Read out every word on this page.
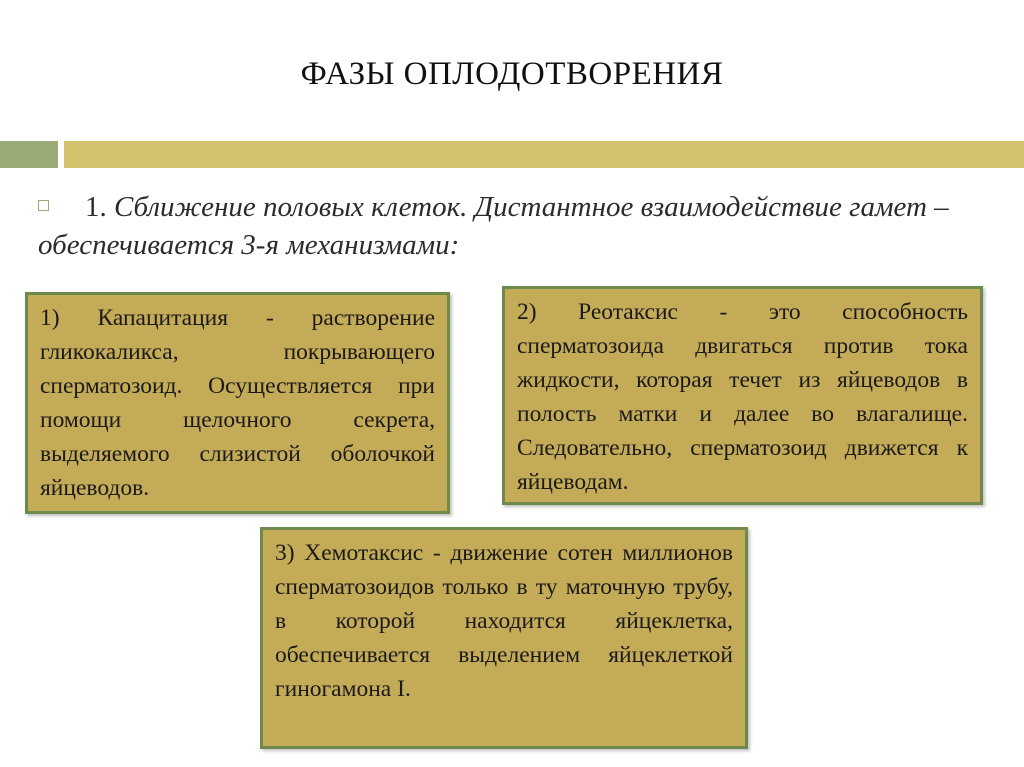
ФАЗЫ ОПЛОДОТВОРЕНИЯ
1. Сближение половых клеток. Дистантное взаимодействие гамет – обеспечивается 3-я механизмами:
1) Капацитация - растворение гликокаликса, покрывающего сперматозоид. Осуществляется при помощи щелочного секрета, выделяемого слизистой оболочкой яйцеводов.
2) Реотаксис - это способность сперматозоида двигаться против тока жидкости, которая течет из яйцеводов в полость матки и далее во влагалище. Следовательно, сперматозоид движется к яйцеводам.
3) Хемотаксис - движение сотен миллионов сперматозоидов только в ту маточную трубу, в которой находится яйцеклетка, обеспечивается выделением яйцеклеткой гиногамона I.
